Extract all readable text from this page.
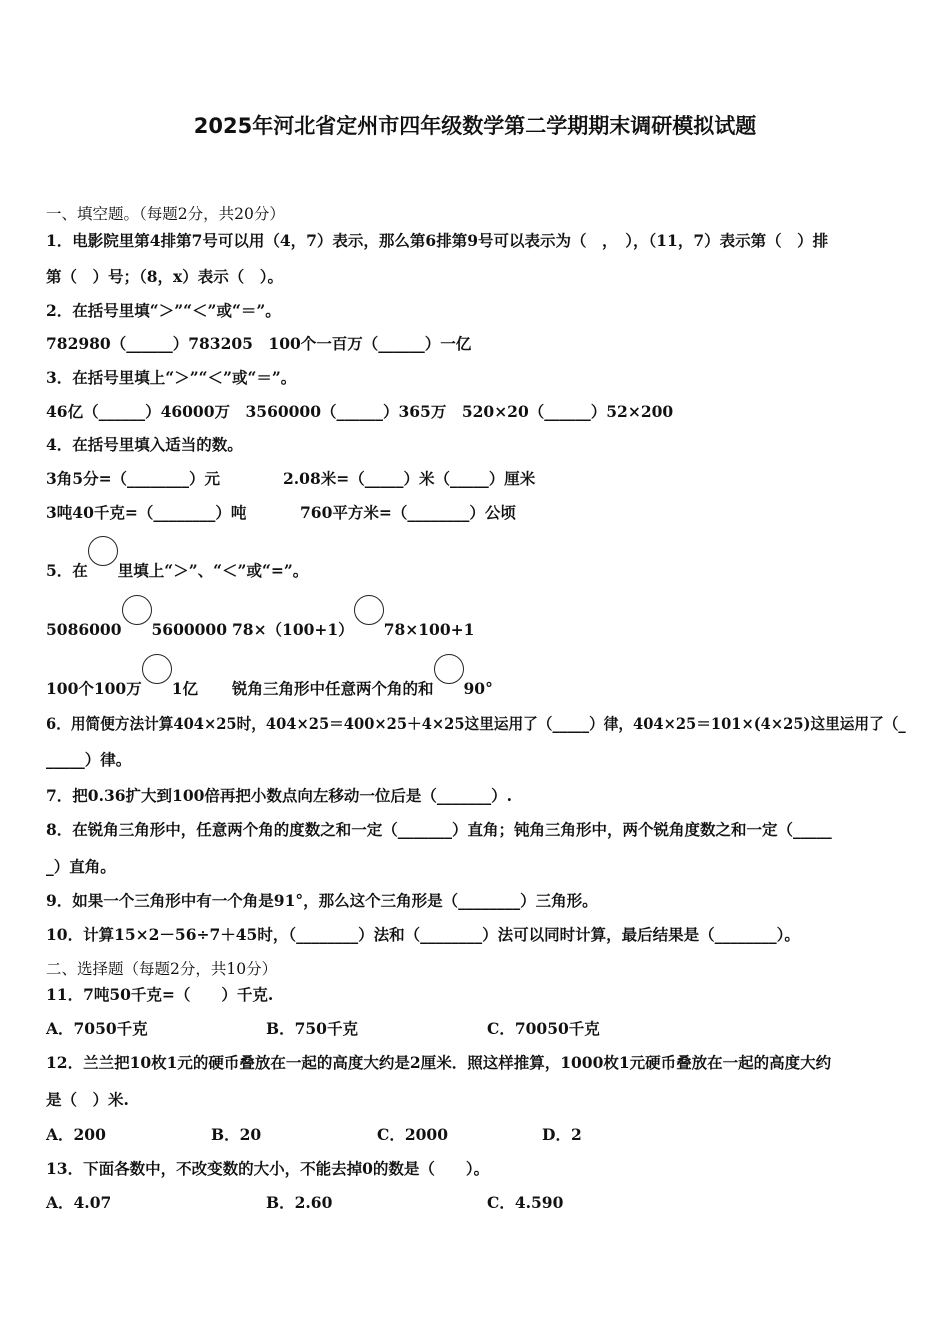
2025年河北省定州市四年级数学第二学期期末调研模拟试题
一、填空题。（每题2分，共20分）
1．电影院里第4排第7号可以用（4，7）表示，那么第6排第9号可以表示为（　，　），（11，7）表示第（　）排
第（　）号；（8，x）表示（　）。
2．在括号里填“＞”“＜”或“＝”。
782980（______）783205　100个一百万（______）一亿
3．在括号里填上“＞”“＜”或“＝”。
46亿（______）46000万　3560000（______）365万　520×20（______）52×200
4．在括号里填入适当的数。
3角5分=（________）元	2.08米=（_____）米（_____）厘米
3吨40千克=（________）吨	760平方米=（________）公顷
5．在 里填上“＞”、“＜”或“=”。
5086000 5600000 78×（100+1） 78×100+1
100个100万 1亿 锐角三角形中任意两个角的和 90°
6．用简便方法计算404×25时，404×25＝400×25＋4×25这里运用了（_____）律，404×25＝101×(4×25)这里运用了（_
_____）律。
7．把0.36扩大到100倍再把小数点向左移动一位后是（_______）.
8．在锐角三角形中，任意两个角的度数之和一定（_______）直角；钝角三角形中，两个锐角度数之和一定（_____
_）直角。
9．如果一个三角形中有一个角是91°，那么这个三角形是（________）三角形。
10．计算15×2－56÷7＋45时，（________）法和（________）法可以同时计算，最后结果是（________）。
二、选择题（每题2分，共10分）
11．7吨50千克=（　　）千克.
A．7050千克	B．750千克	C．70050千克
12．兰兰把10枚1元的硬币叠放在一起的高度大约是2厘米．照这样推算，1000枚1元硬币叠放在一起的高度大约
是（　）米.
A．200	B．20	C．2000	D．2
13．下面各数中，不改变数的大小，不能去掉0的数是（　　）。
A．4.07	B．2.60	C．4.590
